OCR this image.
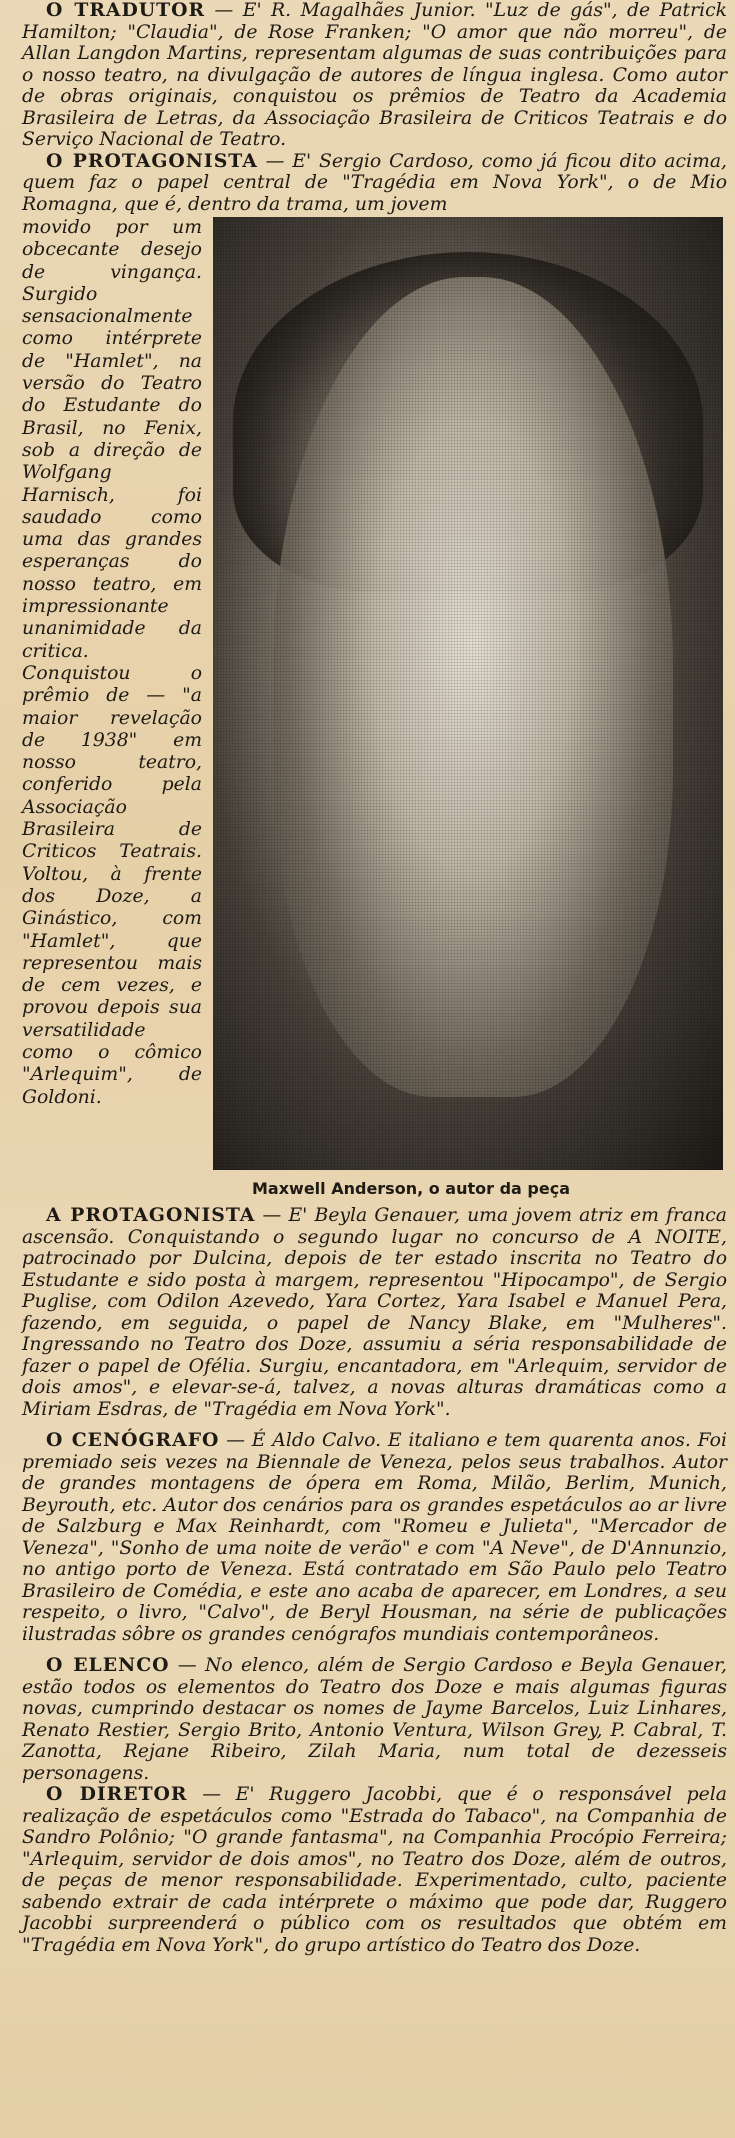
O TRADUTOR — E' R. Magalhães Junior. "Luz de gás", de Patrick Hamilton; "Claudia", de Rose Franken; "O amor que não morreu", de Allan Langdon Martins, representam algumas de suas contribuições para o nosso teatro, na divulgação de autores de língua inglesa. Como autor de obras originais, conquistou os prêmios de Teatro da Academia Brasileira de Letras, da Associação Brasileira de Criticos Teatrais e do Serviço Nacional de Teatro.

O PROTAGONISTA — E' Sergio Cardoso, como já ficou dito acima, quem faz o papel central de "Tragédia em Nova York", o de Mio Romagna, que é, dentro da trama, um jovem

movido por um obcecante desejo de vingança. Surgido sensacionalmente como intérprete de "Hamlet", na versão do Teatro do Estudante do Brasil, no Fenix, sob a direção de Wolfgang Harnisch, foi saudado como uma das grandes esperanças do nosso teatro, em impressionante unanimidade da critica. Conquistou o prêmio de — "a maior revelação de 1938" em nosso teatro, conferido pela Associação Brasileira de Criticos Teatrais. Voltou, à frente dos Doze, a Ginástico, com "Hamlet", que representou mais de cem vezes, e provou depois sua versatilidade como o cômico "Arlequim", de Goldoni.
Maxwell Anderson, o autor da peça

A PROTAGONISTA — E' Beyla Genauer, uma jovem atriz em franca ascensão. Conquistando o segundo lugar no concurso de A NOITE, patrocinado por Dulcina, depois de ter estado inscrita no Teatro do Estudante e sido posta à margem, representou "Hipocampo", de Sergio Puglise, com Odilon Azevedo, Yara Cortez, Yara Isabel e Manuel Pera, fazendo, em seguida, o papel de Nancy Blake, em "Mulheres". Ingressando no Teatro dos Doze, assumiu a séria responsabilidade de fazer o papel de Ofélia. Surgiu, encantadora, em "Arlequim, servidor de dois amos", e elevar-se-á, talvez, a novas alturas dramáticas como a Miriam Esdras, de "Tragédia em Nova York".

O CENÓGRAFO — É Aldo Calvo. E italiano e tem quarenta anos. Foi premiado seis vezes na Biennale de Veneza, pelos seus trabalhos. Autor de grandes montagens de ópera em Roma, Milão, Berlim, Munich, Beyrouth, etc. Autor dos cenários para os grandes espetáculos ao ar livre de Salzburg e Max Reinhardt, com "Romeu e Julieta", "Mercador de Veneza", "Sonho de uma noite de verão" e com "A Neve", de D'Annunzio, no antigo porto de Veneza. Está contratado em São Paulo pelo Teatro Brasileiro de Comédia, e este ano acaba de aparecer, em Londres, a seu respeito, o livro, "Calvo", de Beryl Housman, na série de publicações ilustradas sôbre os grandes cenógrafos mundiais contemporâneos.

O ELENCO — No elenco, além de Sergio Cardoso e Beyla Genauer, estão todos os elementos do Teatro dos Doze e mais algumas figuras novas, cumprindo destacar os nomes de Jayme Barcelos, Luiz Linhares, Renato Restier, Sergio Brito, Antonio Ventura, Wilson Grey, P. Cabral, T. Zanotta, Rejane Ribeiro, Zilah Maria, num total de dezesseis personagens.

O DIRETOR — E' Ruggero Jacobbi, que é o responsável pela realização de espetáculos como "Estrada do Tabaco", na Companhia de Sandro Polônio; "O grande fantasma", na Companhia Procópio Ferreira; "Arlequim, servidor de dois amos", no Teatro dos Doze, além de outros, de peças de menor responsabilidade. Experimentado, culto, paciente sabendo extrair de cada intérprete o máximo que pode dar, Ruggero Jacobbi surpreenderá o público com os resultados que obtém em "Tragédia em Nova York", do grupo artístico do Teatro dos Doze.
